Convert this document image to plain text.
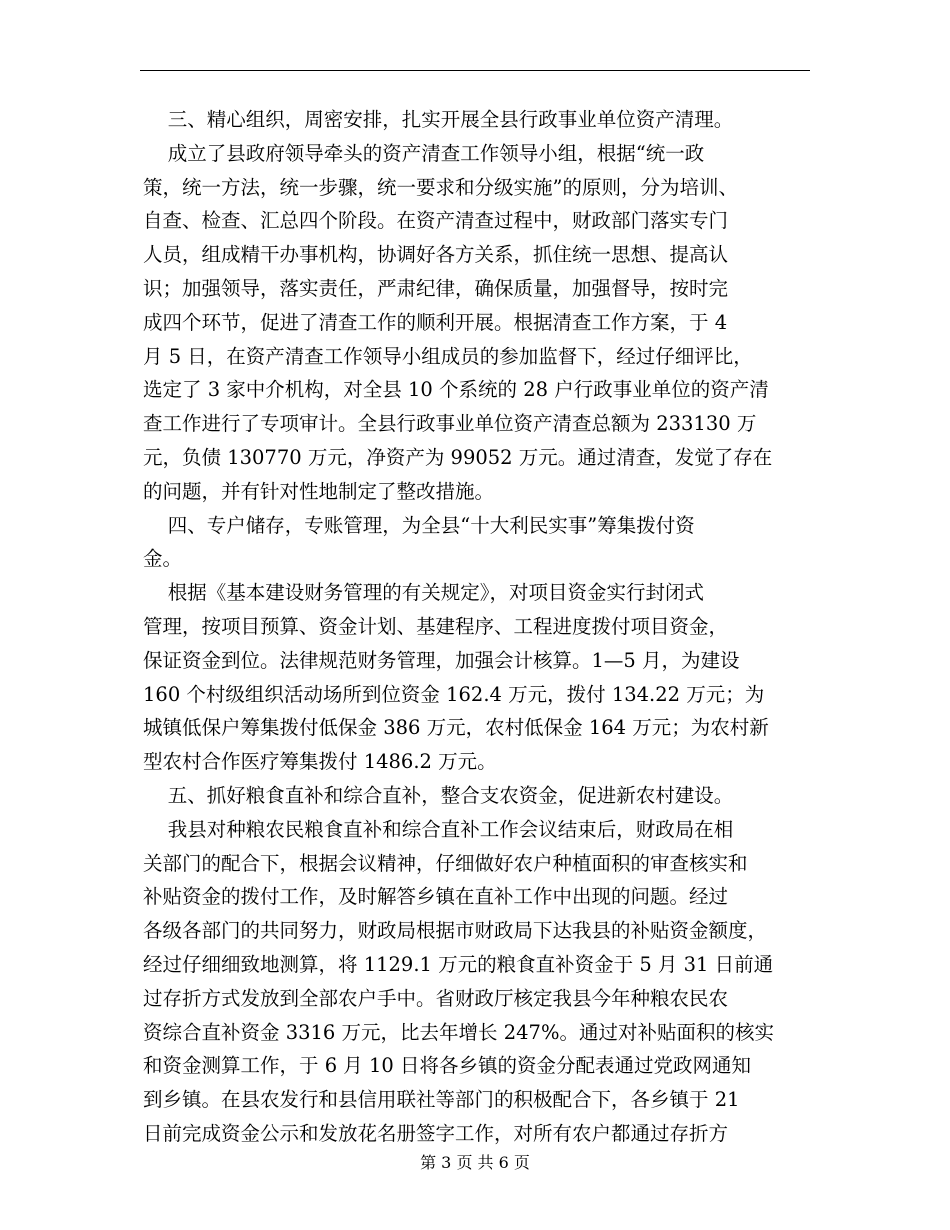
三、精心组织，周密安排，扎实开展全县行政事业单位资产清理。
成立了县政府领导牵头的资产清查工作领导小组，根据“统一政
策，统一方法，统一步骤，统一要求和分级实施”的原则，分为培训、
自查、检查、汇总四个阶段。在资产清查过程中，财政部门落实专门
人员，组成精干办事机构，协调好各方关系，抓住统一思想、提高认
识；加强领导，落实责任，严肃纪律，确保质量，加强督导，按时完
成四个环节，促进了清查工作的顺利开展。根据清查工作方案，于 4
月 5 日，在资产清查工作领导小组成员的参加监督下，经过仔细评比，
选定了 3 家中介机构，对全县 10 个系统的 28 户行政事业单位的资产清
查工作进行了专项审计。全县行政事业单位资产清查总额为 233130 万
元，负债 130770 万元，净资产为 99052 万元。通过清查，发觉了存在
的问题，并有针对性地制定了整改措施。
四、专户储存，专账管理，为全县“十大利民实事”筹集拨付资
金。
根据《基本建设财务管理的有关规定》，对项目资金实行封闭式
管理，按项目预算、资金计划、基建程序、工程进度拨付项目资金，
保证资金到位。法律规范财务管理，加强会计核算。1—5 月，为建设
160 个村级组织活动场所到位资金 162.4 万元，拨付 134.22 万元；为
城镇低保户筹集拨付低保金 386 万元，农村低保金 164 万元；为农村新
型农村合作医疗筹集拨付 1486.2 万元。
五、抓好粮食直补和综合直补，整合支农资金，促进新农村建设。
我县对种粮农民粮食直补和综合直补工作会议结束后，财政局在相
关部门的配合下，根据会议精神，仔细做好农户种植面积的审查核实和
补贴资金的拨付工作，及时解答乡镇在直补工作中出现的问题。经过
各级各部门的共同努力，财政局根据市财政局下达我县的补贴资金额度，
经过仔细细致地测算，将 1129.1 万元的粮食直补资金于 5 月 31 日前通
过存折方式发放到全部农户手中。省财政厅核定我县今年种粮农民农
资综合直补资金 3316 万元，比去年增长 247%。通过对补贴面积的核实
和资金测算工作，于 6 月 10 日将各乡镇的资金分配表通过党政网通知
到乡镇。在县农发行和县信用联社等部门的积极配合下，各乡镇于 21
日前完成资金公示和发放花名册签字工作，对所有农户都通过存折方
第 3 页 共 6 页
